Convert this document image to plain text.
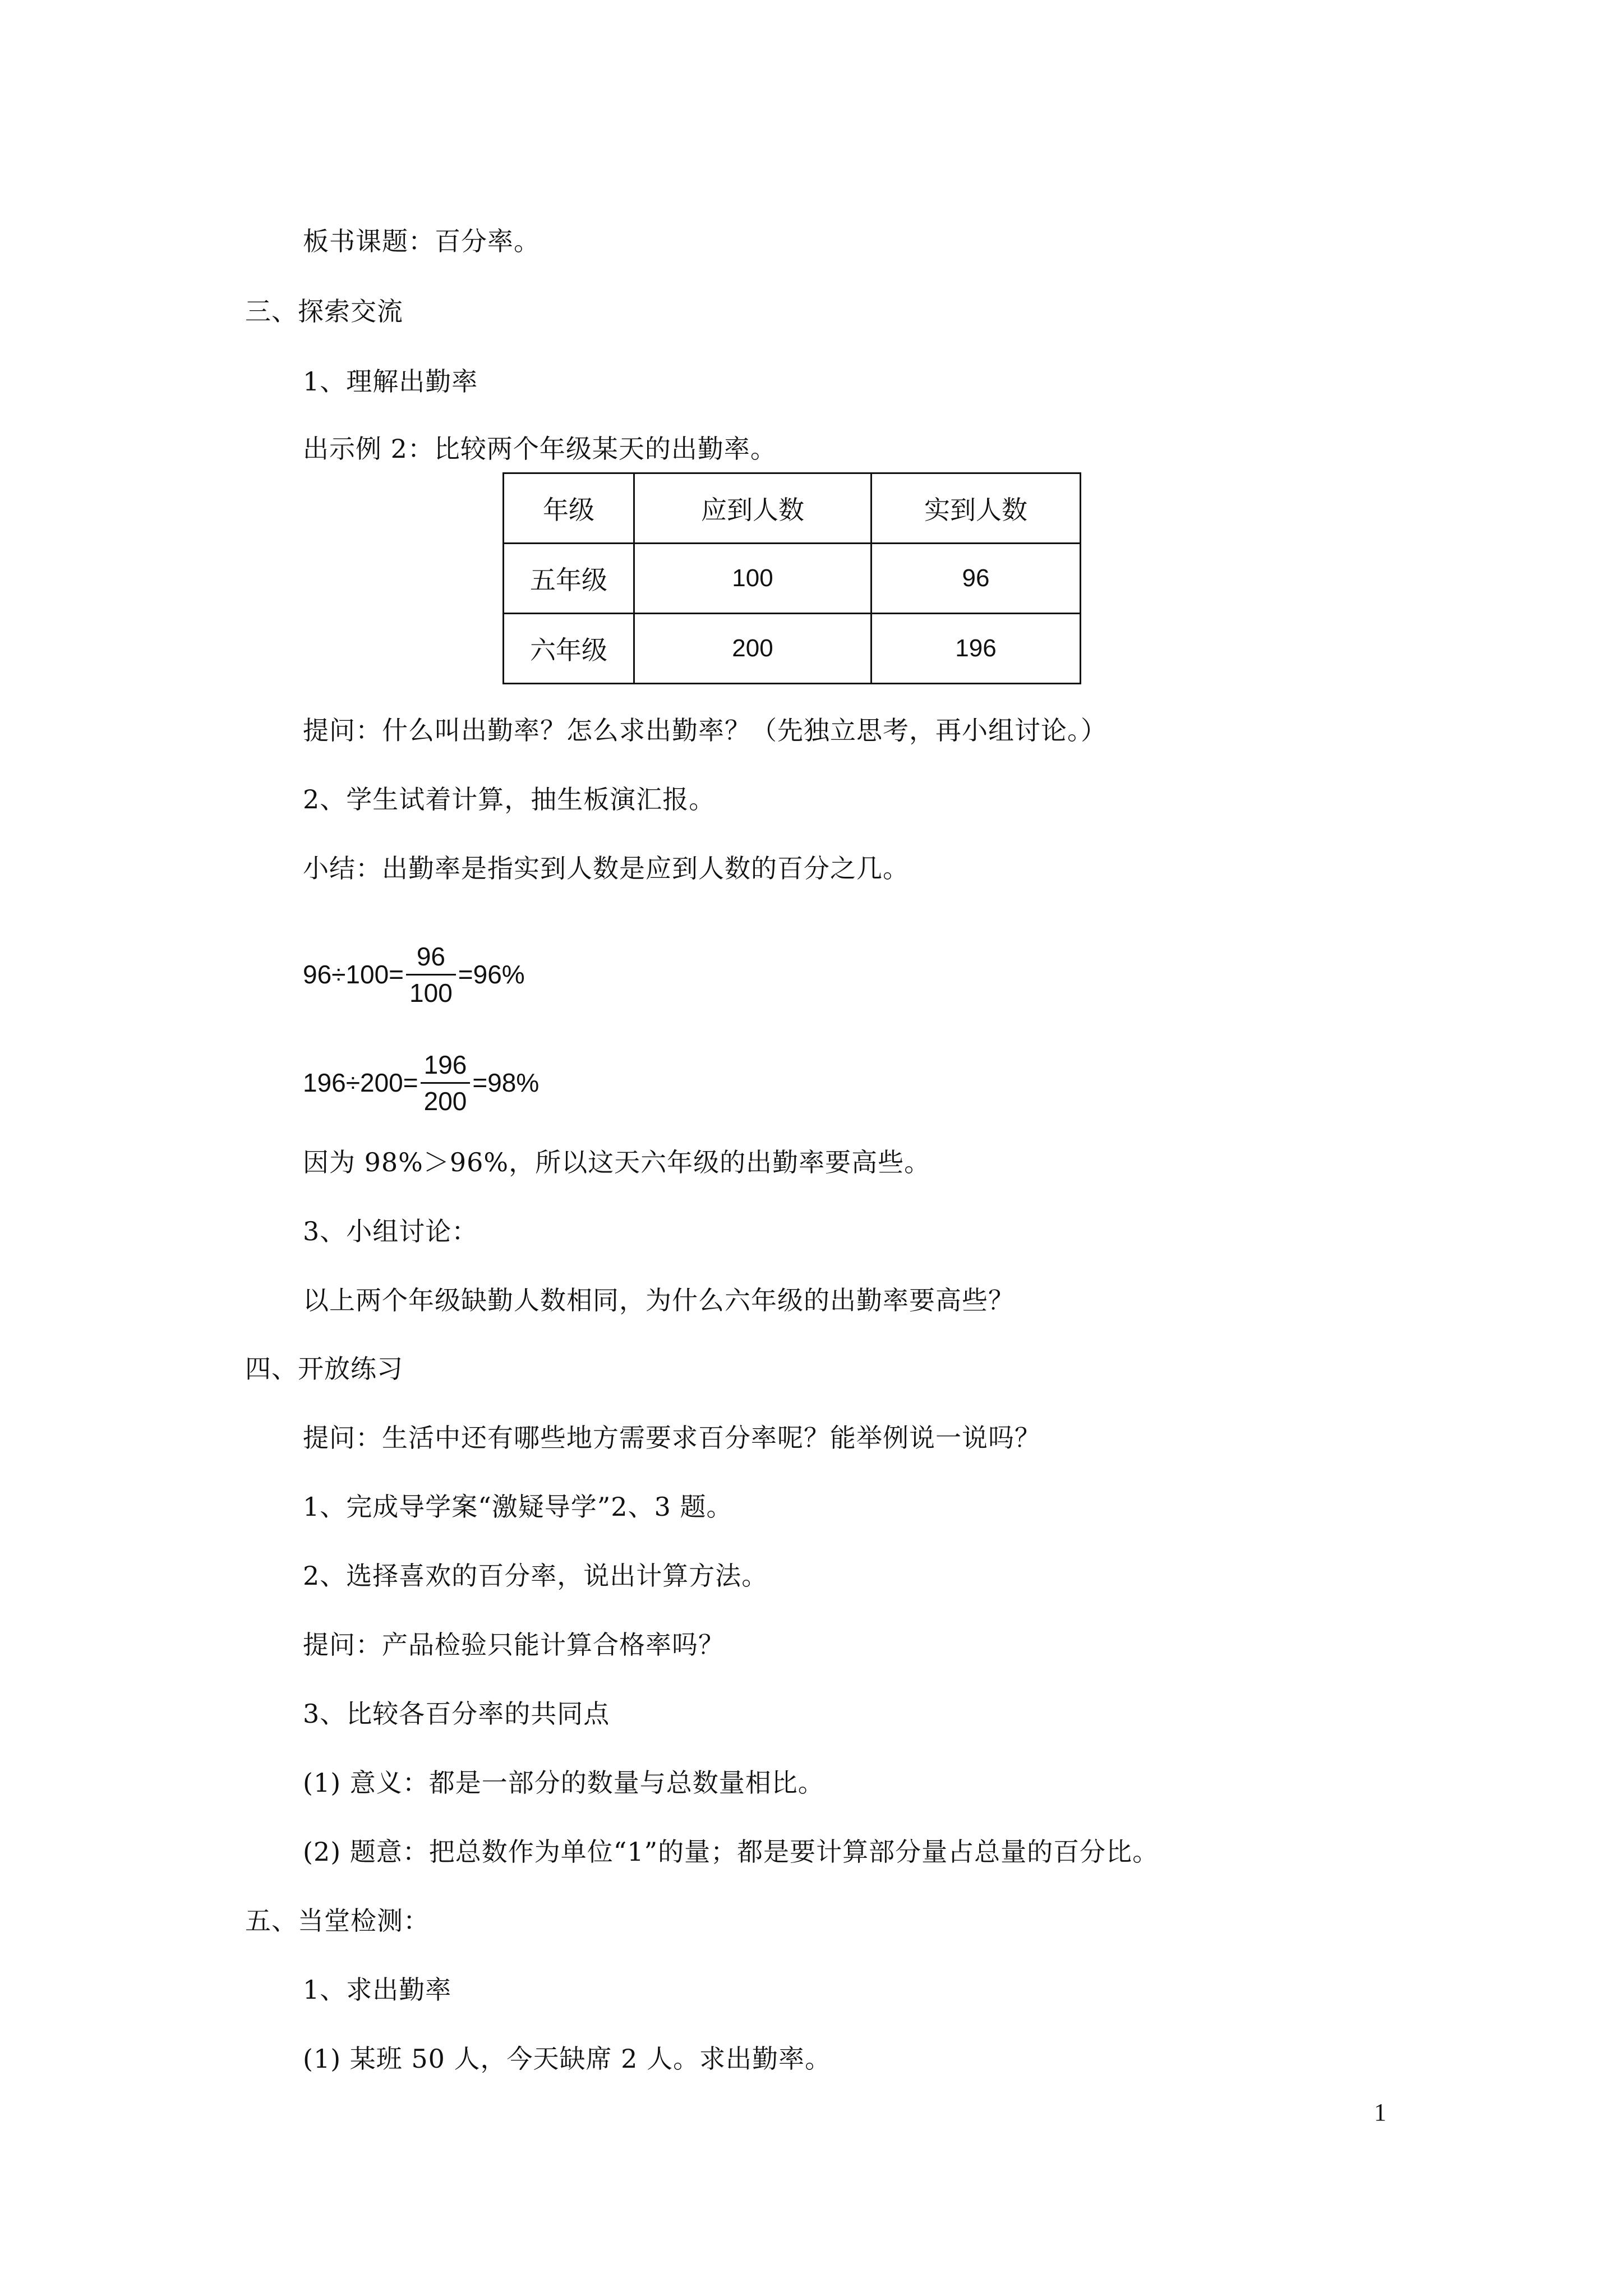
板书课题：百分率。
三、探索交流
1、理解出勤率
出示例 2：比较两个年级某天的出勤率。
年级	应到人数	实到人数
五年级	100	96
六年级	200	196
提问：什么叫出勤率？怎么求出勤率？（先独立思考，再小组讨论。）
2、学生试着计算，抽生板演汇报。
小结：出勤率是指实到人数是应到人数的百分之几。
$96\div 100= \frac{96}{100} =96\%$
$196\div 200= \frac{196}{200} =98\%$
因为 98%＞96%，所以这天六年级的出勤率要高些。
3、小组讨论：
以上两个年级缺勤人数相同，为什么六年级的出勤率要高些？
四、开放练习
提问：生活中还有哪些地方需要求百分率呢？能举例说一说吗？
1、完成导学案“激疑导学”2、3 题。
2、选择喜欢的百分率，说出计算方法。
提问：产品检验只能计算合格率吗？
3、比较各百分率的共同点
(1) 意义：都是一部分的数量与总数量相比。
(2) 题意：把总数作为单位“1”的量；都是要计算部分量占总量的百分比。
五、当堂检测：
1、求出勤率
(1) 某班 50 人，今天缺席 2 人。求出勤率。
1
